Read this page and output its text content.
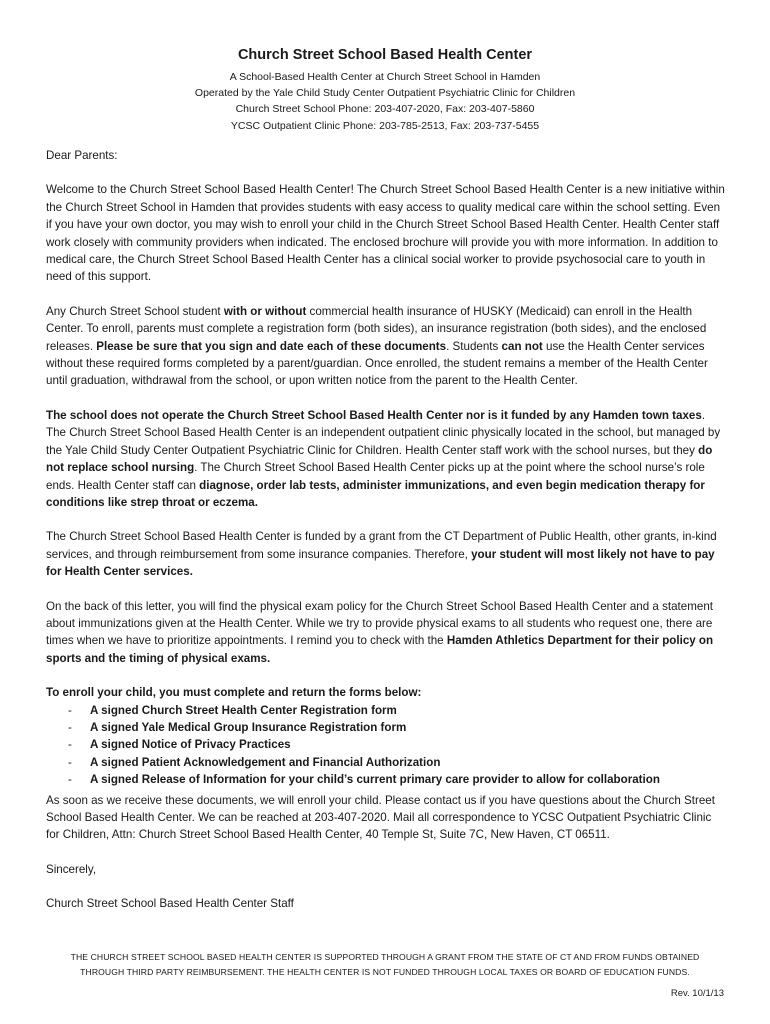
Church Street School Based Health Center
A School-Based Health Center at Church Street School in Hamden
Operated by the Yale Child Study Center Outpatient Psychiatric Clinic for Children
Church Street School Phone: 203-407-2020, Fax: 203-407-5860
YCSC Outpatient Clinic Phone: 203-785-2513, Fax: 203-737-5455

Dear Parents:

Welcome to the Church Street School Based Health Center! The Church Street School Based Health Center is a new initiative within the Church Street School in Hamden that provides students with easy access to quality medical care within the school setting. Even if you have your own doctor, you may wish to enroll your child in the Church Street School Based Health Center. Health Center staff work closely with community providers when indicated. The enclosed brochure will provide you with more information. In addition to medical care, the Church Street School Based Health Center has a clinical social worker to provide psychosocial care to youth in need of this support.

Any Church Street School student with or without commercial health insurance of HUSKY (Medicaid) can enroll in the Health Center. To enroll, parents must complete a registration form (both sides), an insurance registration (both sides), and the enclosed releases. Please be sure that you sign and date each of these documents. Students can not use the Health Center services without these required forms completed by a parent/guardian. Once enrolled, the student remains a member of the Health Center until graduation, withdrawal from the school, or upon written notice from the parent to the Health Center.

The school does not operate the Church Street School Based Health Center nor is it funded by any Hamden town taxes. The Church Street School Based Health Center is an independent outpatient clinic physically located in the school, but managed by the Yale Child Study Center Outpatient Psychiatric Clinic for Children. Health Center staff work with the school nurses, but they do not replace school nursing. The Church Street School Based Health Center picks up at the point where the school nurse’s role ends. Health Center staff can diagnose, order lab tests, administer immunizations, and even begin medication therapy for conditions like strep throat or eczema.

The Church Street School Based Health Center is funded by a grant from the CT Department of Public Health, other grants, in-kind services, and through reimbursement from some insurance companies. Therefore, your student will most likely not have to pay for Health Center services.

On the back of this letter, you will find the physical exam policy for the Church Street School Based Health Center and a statement about immunizations given at the Health Center. While we try to provide physical exams to all students who request one, there are times when we have to prioritize appointments. I remind you to check with the Hamden Athletics Department for their policy on sports and the timing of physical exams.

To enroll your child, you must complete and return the forms below:
- A signed Church Street Health Center Registration form
- A signed Yale Medical Group Insurance Registration form
- A signed Notice of Privacy Practices
- A signed Patient Acknowledgement and Financial Authorization
- A signed Release of Information for your child’s current primary care provider to allow for collaboration

As soon as we receive these documents, we will enroll your child. Please contact us if you have questions about the Church Street School Based Health Center. We can be reached at 203-407-2020. Mail all correspondence to YCSC Outpatient Psychiatric Clinic for Children, Attn: Church Street School Based Health Center, 40 Temple St, Suite 7C, New Haven, CT 06511.

Sincerely,

Church Street School Based Health Center Staff

THE CHURCH STREET SCHOOL BASED HEALTH CENTER IS SUPPORTED THROUGH A GRANT FROM THE STATE OF CT AND FROM FUNDS OBTAINED
THROUGH THIRD PARTY REIMBURSEMENT. THE HEALTH CENTER IS NOT FUNDED THROUGH LOCAL TAXES OR BOARD OF EDUCATION FUNDS.
Rev. 10/1/13
